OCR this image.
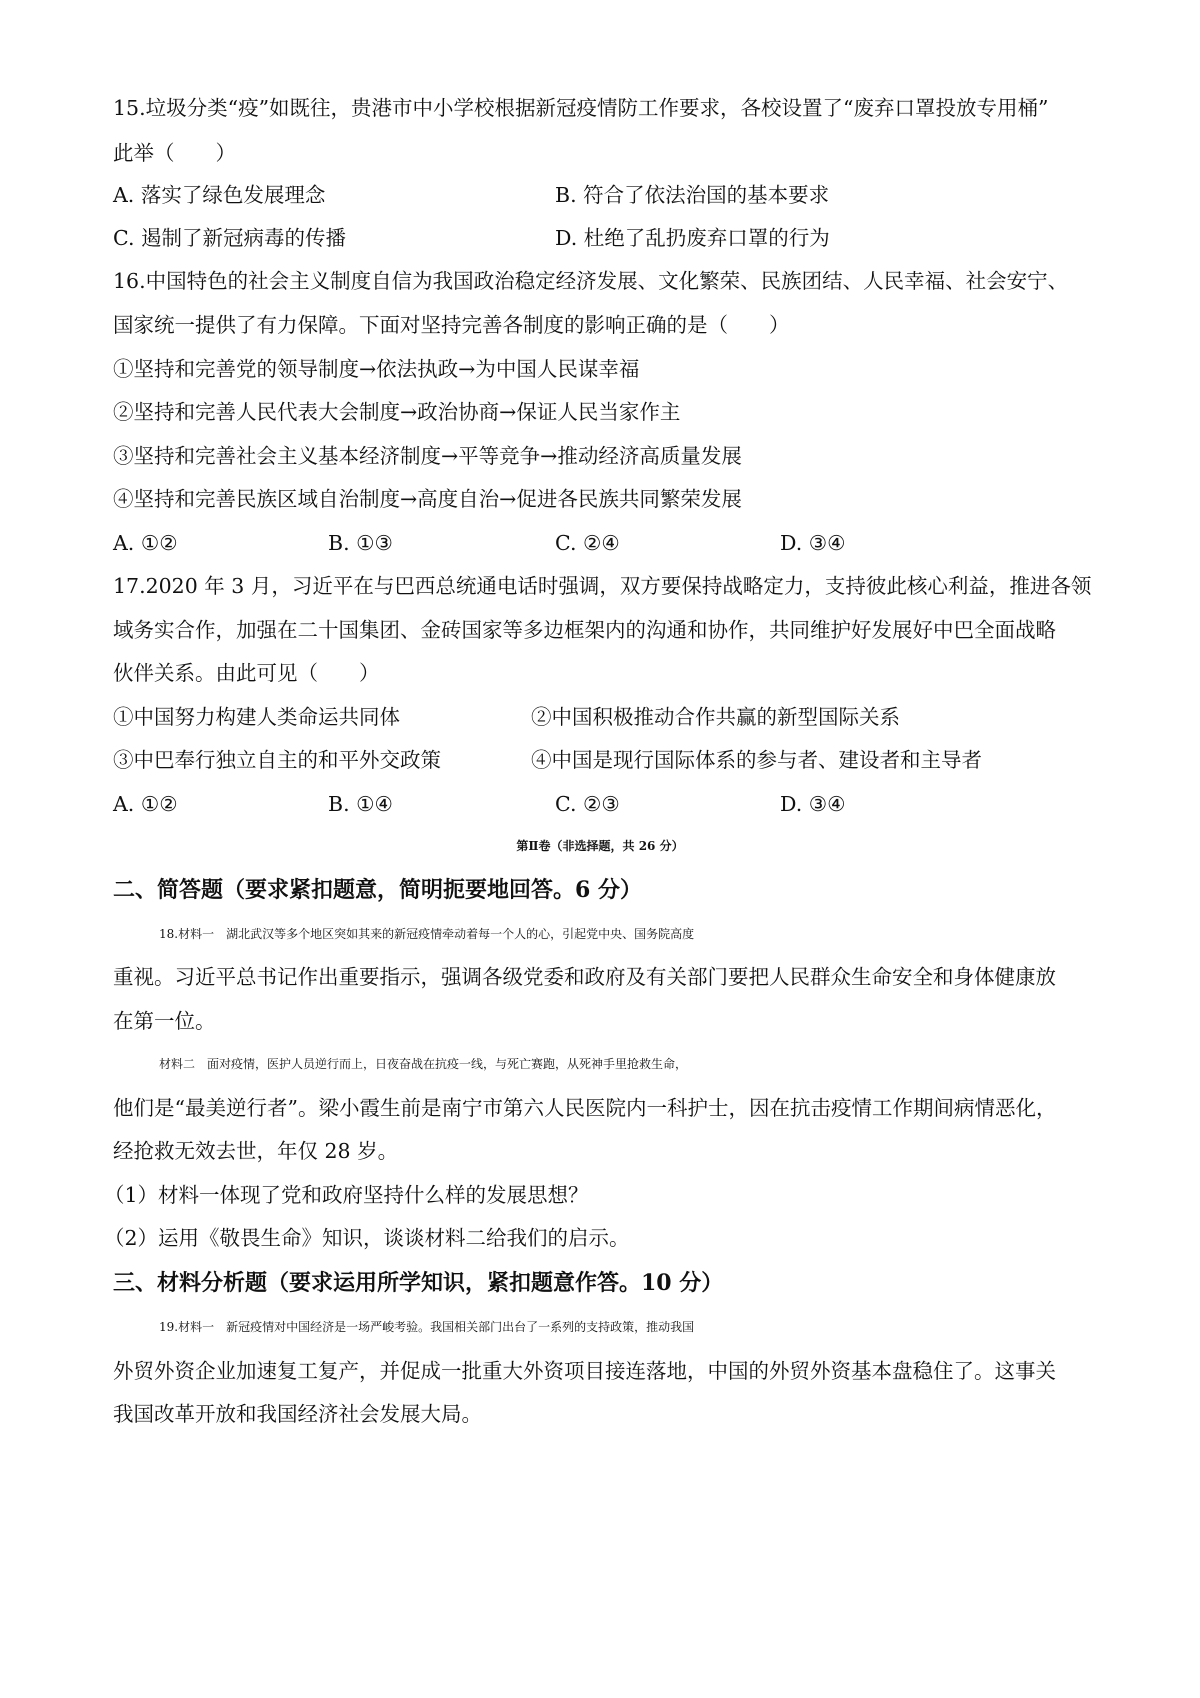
15.垃圾分类“疫”如既往，贵港市中小学校根据新冠疫情防工作要求，各校设置了“废弃口罩投放专用桶”
此举（　　）
A. 落实了绿色发展理念	B. 符合了依法治国的基本要求
C. 遏制了新冠病毒的传播	D. 杜绝了乱扔废弃口罩的行为
16.中国特色的社会主义制度自信为我国政治稳定经济发展、文化繁荣、民族团结、人民幸福、社会安宁、
国家统一提供了有力保障。下面对坚持完善各制度的影响正确的是（　　）
①坚持和完善党的领导制度→依法执政→为中国人民谋幸福
②坚持和完善人民代表大会制度→政治协商→保证人民当家作主
③坚持和完善社会主义基本经济制度→平等竞争→推动经济高质量发展
④坚持和完善民族区域自治制度→高度自治→促进各民族共同繁荣发展
A. ①②	B. ①③	C. ②④	D. ③④
17.2020 年 3 月，习近平在与巴西总统通电话时强调，双方要保持战略定力，支持彼此核心利益，推进各领
域务实合作，加强在二十国集团、金砖国家等多边框架内的沟通和协作，共同维护好发展好中巴全面战略
伙伴关系。由此可见（　　）
①中国努力构建人类命运共同体	②中国积极推动合作共赢的新型国际关系
③中巴奉行独立自主的和平外交政策	④中国是现行国际体系的参与者、建设者和主导者
A. ①②	B. ①④	C. ②③	D. ③④
第Ⅱ卷（非选择题，共 26 分）
二、简答题（要求紧扣题意，简明扼要地回答。6 分）
18.材料一　湖北武汉等多个地区突如其来的新冠疫情牵动着每一个人的心，引起党中央、国务院高度
重视。习近平总书记作出重要指示，强调各级党委和政府及有关部门要把人民群众生命安全和身体健康放
在第一位。
材料二　面对疫情，医护人员逆行而上，日夜奋战在抗疫一线，与死亡赛跑，从死神手里抢救生命，
他们是“最美逆行者”。梁小霞生前是南宁市第六人民医院内一科护士，因在抗击疫情工作期间病情恶化，
经抢救无效去世，年仅 28 岁。
（1）材料一体现了党和政府坚持什么样的发展思想？
（2）运用《敬畏生命》知识，谈谈材料二给我们的启示。
三、材料分析题（要求运用所学知识，紧扣题意作答。10 分）
19.材料一　新冠疫情对中国经济是一场严峻考验。我国相关部门出台了一系列的支持政策，推动我国
外贸外资企业加速复工复产，并促成一批重大外资项目接连落地，中国的外贸外资基本盘稳住了。这事关
我国改革开放和我国经济社会发展大局。
